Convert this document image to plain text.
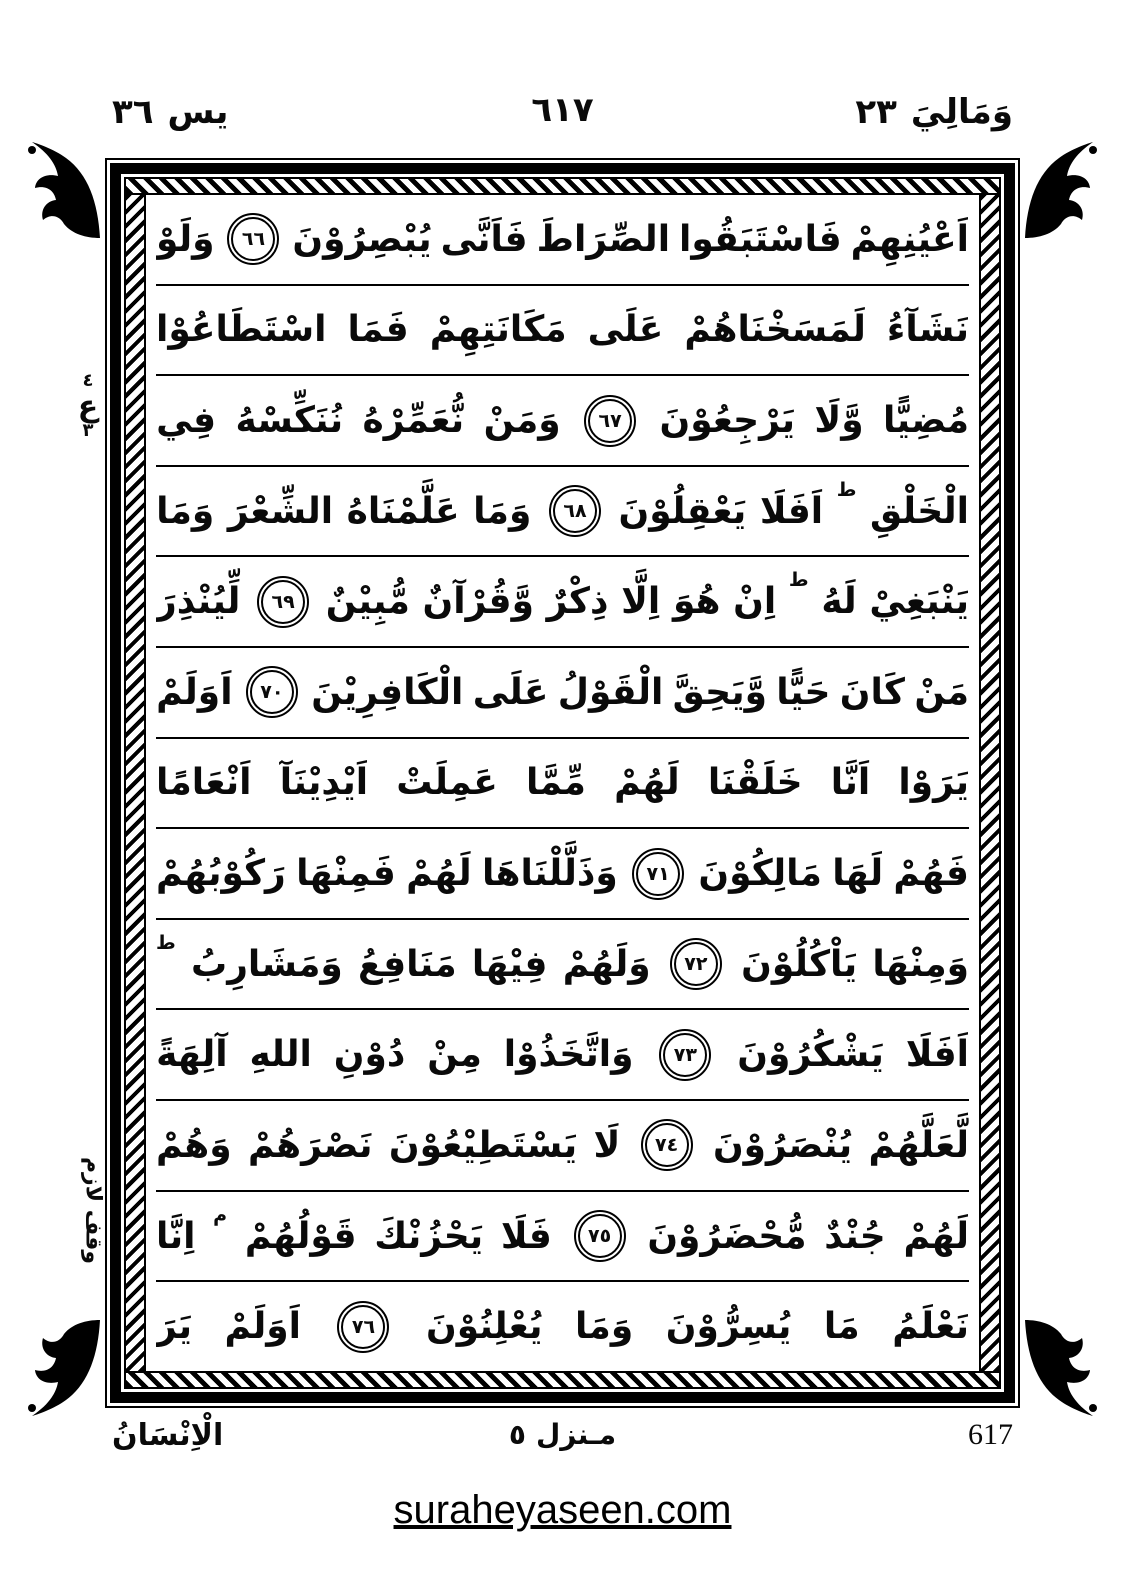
يس
٣٦	٦١٧	وَمَالِيَ
٢٣
اَعْيُنِهِمْ
فَاسْتَبَقُوا
الصِّرَاطَ
فَاَنَّى
يُبْصِرُوْنَ
٦٦
وَلَوْ
نَشَآءُ
لَمَسَخْنَاهُمْ
عَلَى
مَكَانَتِهِمْ
فَمَا
اسْتَطَاعُوْا
مُضِيًّا
وَّلَا
يَرْجِعُوْنَ
٦٧
وَمَنْ
نُّعَمِّرْهُ
نُنَكِّسْهُ
فِي
الْخَلْقِ
ط
اَفَلَا
يَعْقِلُوْنَ
٦٨
وَمَا
عَلَّمْنَاهُ
الشِّعْرَ
وَمَا
يَنْبَغِيْ
لَهُ
ط
اِنْ
هُوَ
اِلَّا
ذِكْرٌ
وَّقُرْآنٌ
مُّبِيْنٌ
٦٩
لِّيُنْذِرَ
مَنْ
كَانَ
حَيًّا
وَّيَحِقَّ
الْقَوْلُ
عَلَى
الْكَافِرِيْنَ
٧٠
اَوَلَمْ
يَرَوْا
اَنَّا
خَلَقْنَا
لَهُمْ
مِّمَّا
عَمِلَتْ
اَيْدِيْنَآ
اَنْعَامًا
فَهُمْ
لَهَا
مَالِكُوْنَ
٧١
وَذَلَّلْنَاهَا
لَهُمْ
فَمِنْهَا
رَكُوْبُهُمْ
وَمِنْهَا
يَاْكُلُوْنَ
٧٢
وَلَهُمْ
فِيْهَا
مَنَافِعُ
وَمَشَارِبُ
ط
اَفَلَا
يَشْكُرُوْنَ
٧٣
وَاتَّخَذُوْا
مِنْ
دُوْنِ
اللهِ
آلِهَةً
لَّعَلَّهُمْ
يُنْصَرُوْنَ
٧٤
لَا
يَسْتَطِيْعُوْنَ
نَصْرَهُمْ
وَهُمْ
لَهُمْ
جُنْدٌ
مُّحْضَرُوْنَ
٧٥
فَلَا
يَحْزُنْكَ
قَوْلُهُمْ
م
اِنَّا
نَعْلَمُ
مَا
يُسِرُّوْنَ
وَمَا
يُعْلِنُوْنَ
٧٦
اَوَلَمْ
يَرَ
٤
ع
٣
وقف لازم
الْاِنْسَانُ	مـنزل
٥	617
suraheyaseen.com
